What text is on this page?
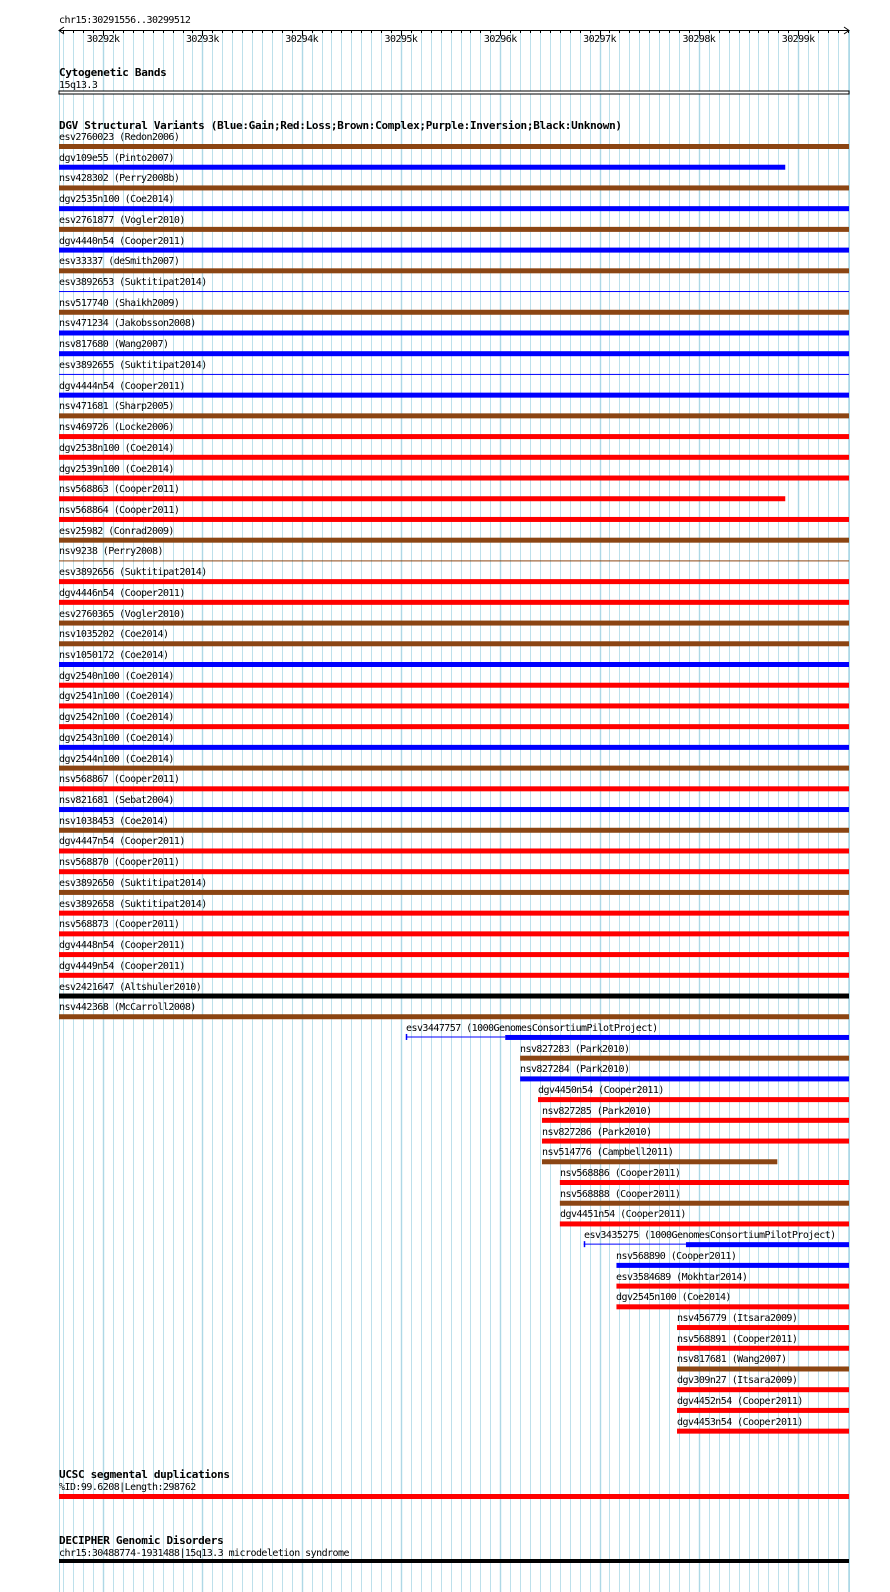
chr15:30291556..30299512
30292k	30293k	30294k	30295k	30296k	30297k	30298k	30299k
Cytogenetic Bands
15q13.3
DGV Structural Variants (Blue:Gain;Red:Loss;Brown:Complex;Purple:Inversion;Black:Unknown)
esv2760023 (Redon2006)
dgv109e55 (Pinto2007)
nsv428302 (Perry2008b)
dgv2535n100 (Coe2014)
esv2761877 (Vogler2010)
dgv4440n54 (Cooper2011)
esv33337 (deSmith2007)
esv3892653 (Suktitipat2014)
nsv517740 (Shaikh2009)
nsv471234 (Jakobsson2008)
nsv817680 (Wang2007)
esv3892655 (Suktitipat2014)
dgv4444n54 (Cooper2011)
nsv471681 (Sharp2005)
nsv469726 (Locke2006)
dgv2538n100 (Coe2014)
dgv2539n100 (Coe2014)
nsv568863 (Cooper2011)
nsv568864 (Cooper2011)
esv25982 (Conrad2009)
nsv9238 (Perry2008)
esv3892656 (Suktitipat2014)
dgv4446n54 (Cooper2011)
esv2760365 (Vogler2010)
nsv1035202 (Coe2014)
nsv1050172 (Coe2014)
dgv2540n100 (Coe2014)
dgv2541n100 (Coe2014)
dgv2542n100 (Coe2014)
dgv2543n100 (Coe2014)
dgv2544n100 (Coe2014)
nsv568867 (Cooper2011)
nsv821681 (Sebat2004)
nsv1038453 (Coe2014)
dgv4447n54 (Cooper2011)
nsv568870 (Cooper2011)
esv3892650 (Suktitipat2014)
esv3892658 (Suktitipat2014)
nsv568873 (Cooper2011)
dgv4448n54 (Cooper2011)
dgv4449n54 (Cooper2011)
esv2421647 (Altshuler2010)
nsv442368 (McCarroll2008)
esv3447757 (1000GenomesConsortiumPilotProject)
nsv827283 (Park2010)
nsv827284 (Park2010)
dgv4450n54 (Cooper2011)
nsv827285 (Park2010)
nsv827286 (Park2010)
nsv514776 (Campbell2011)
nsv568886 (Cooper2011)
nsv568888 (Cooper2011)
dgv4451n54 (Cooper2011)
esv3435275 (1000GenomesConsortiumPilotProject)
nsv568890 (Cooper2011)
esv3584689 (Mokhtar2014)
dgv2545n100 (Coe2014)
nsv456779 (Itsara2009)
nsv568891 (Cooper2011)
nsv817681 (Wang2007)
dgv309n27 (Itsara2009)
dgv4452n54 (Cooper2011)
dgv4453n54 (Cooper2011)
UCSC segmental duplications
%ID:99.6208|Length:298762
DECIPHER Genomic Disorders
chr15:30488774-1931488|15q13.3 microdeletion syndrome
